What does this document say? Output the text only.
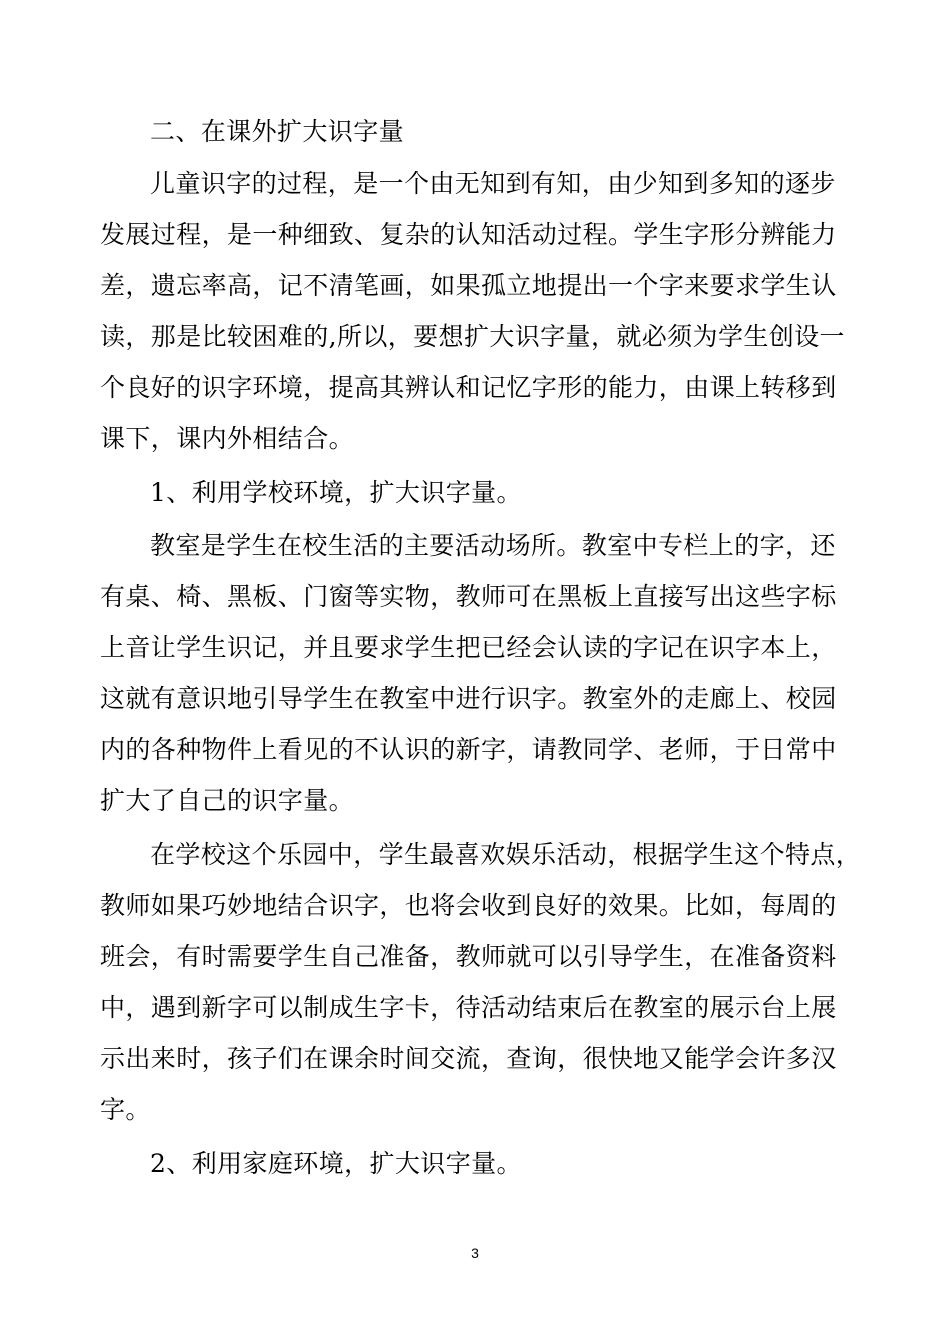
二、在课外扩大识字量
儿童识字的过程，是一个由无知到有知，由少知到多知的逐步
发展过程，是一种细致、复杂的认知活动过程。学生字形分辨能力
差，遗忘率高，记不清笔画，如果孤立地提出一个字来要求学生认
读，那是比较困难的,所以，要想扩大识字量，就必须为学生创设一
个良好的识字环境，提高其辨认和记忆字形的能力，由课上转移到
课下，课内外相结合。
1、利用学校环境，扩大识字量。
教室是学生在校生活的主要活动场所。教室中专栏上的字，还
有桌、椅、黑板、门窗等实物，教师可在黑板上直接写出这些字标
上音让学生识记，并且要求学生把已经会认读的字记在识字本上，
这就有意识地引导学生在教室中进行识字。教室外的走廊上、校园
内的各种物件上看见的不认识的新字，请教同学、老师，于日常中
扩大了自己的识字量。
在学校这个乐园中，学生最喜欢娱乐活动，根据学生这个特点，
教师如果巧妙地结合识字，也将会收到良好的效果。比如，每周的
班会，有时需要学生自己准备，教师就可以引导学生，在准备资料
中，遇到新字可以制成生字卡，待活动结束后在教室的展示台上展
示出来时，孩子们在课余时间交流，查询，很快地又能学会许多汉
字。
2、利用家庭环境，扩大识字量。
3
